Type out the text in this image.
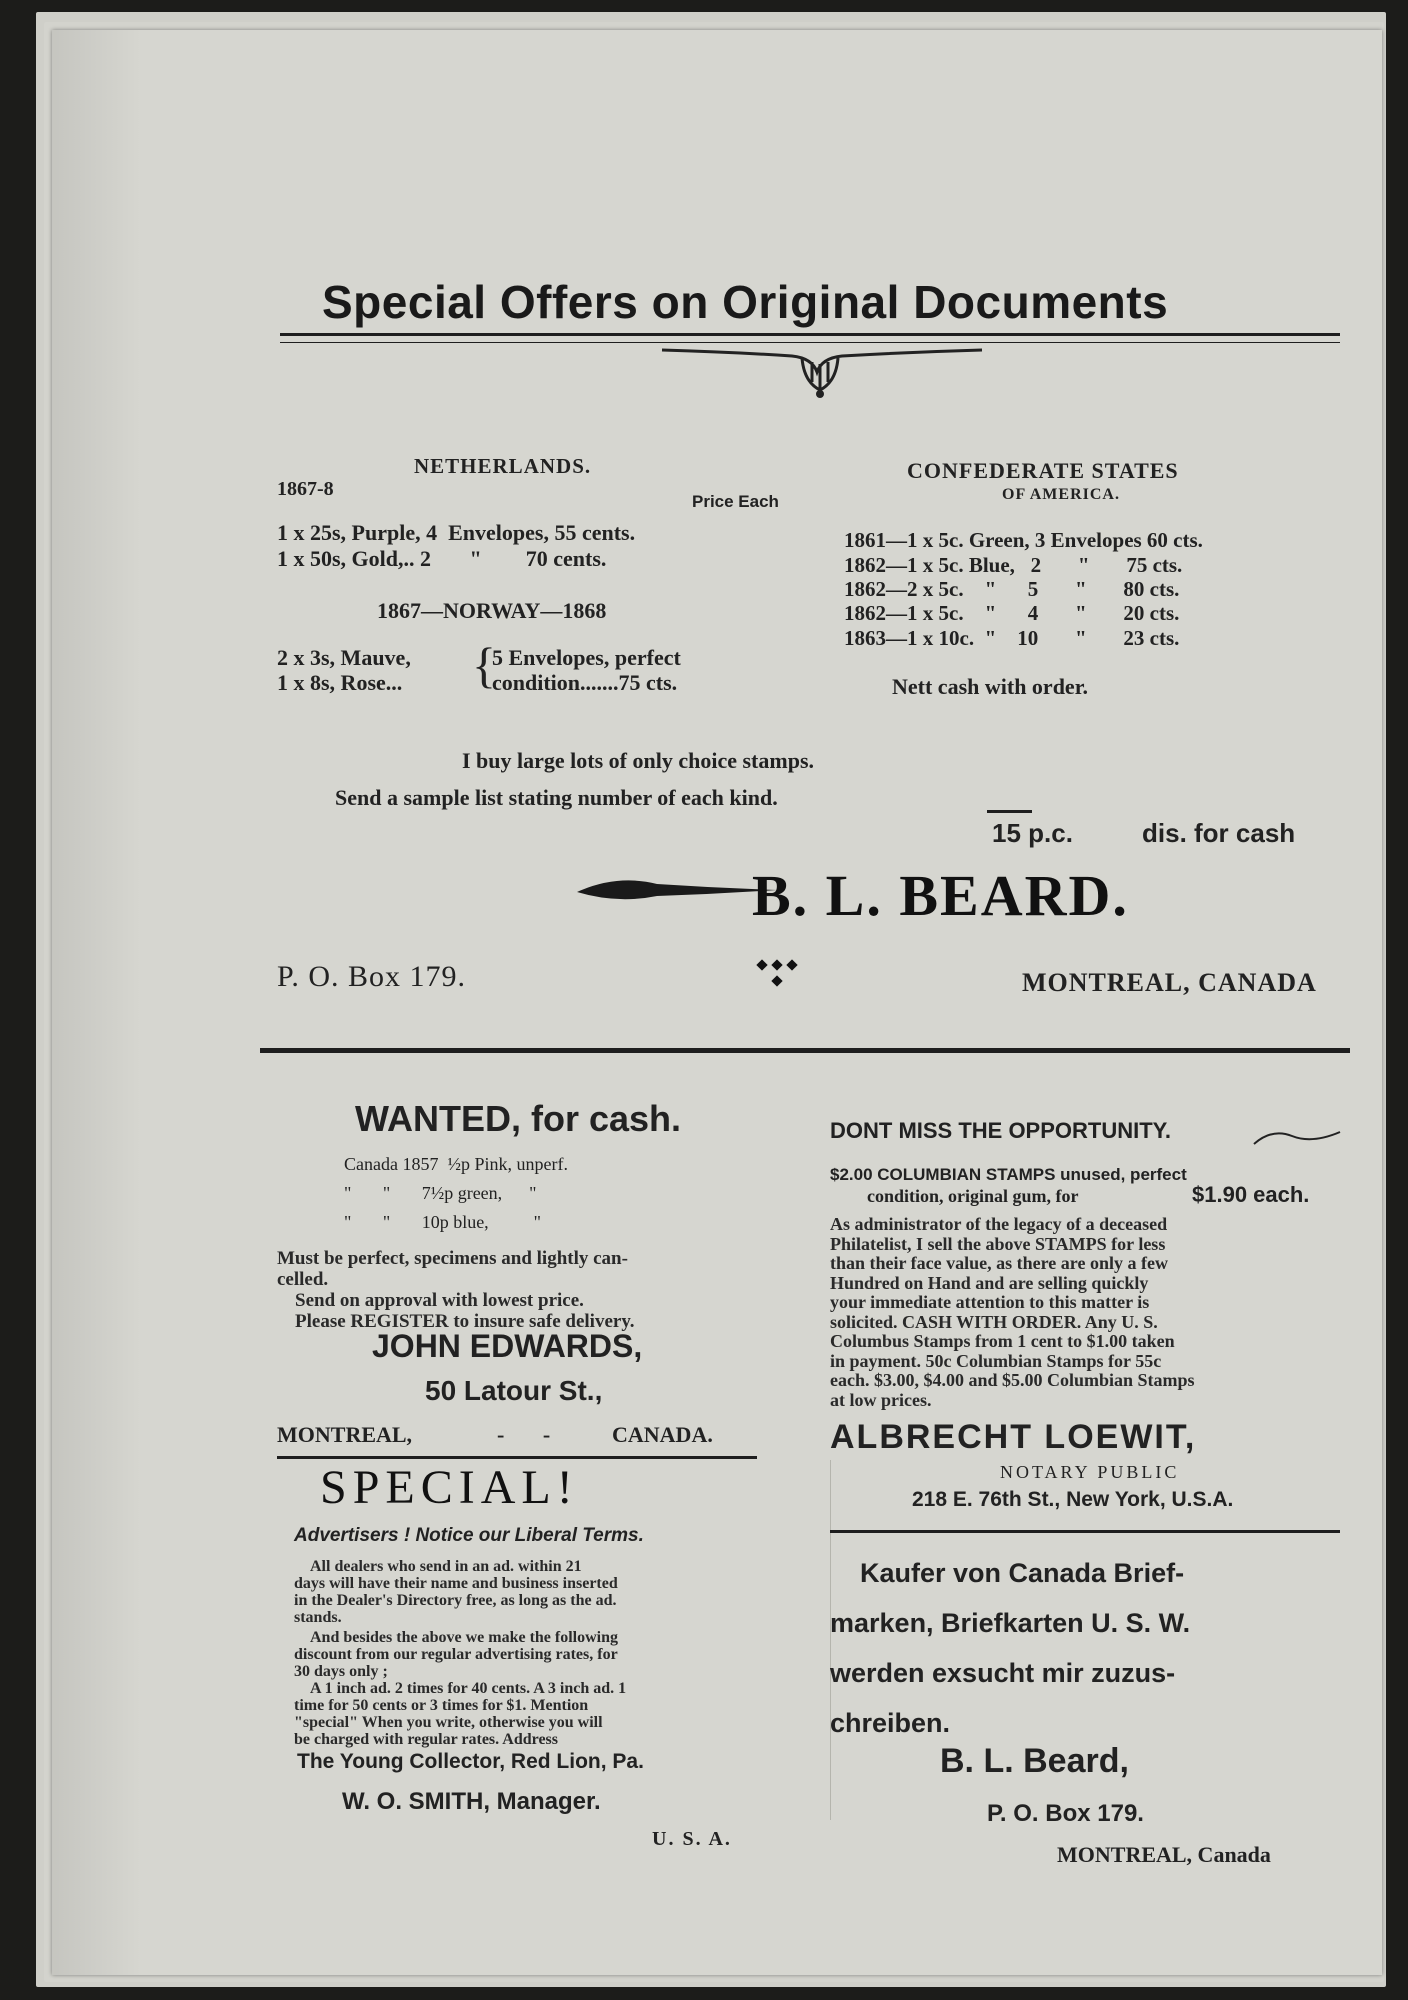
Special Offers on Original Documents
NETHERLANDS.
1867-8
Price Each
1 x 25s, Purple, 4  Envelopes, 55 cents.
1 x 50s, Gold,.. 2       "        70 cents.
1867—NORWAY—1868
2 x 3s, Mauve,
1 x 8s, Rose... {
5 Envelopes, perfect
condition.......75 cts.
CONFEDERATE STATES
OF AMERICA.
1861—1 x 5c. Green, 3 Envelopes 60 cts.
1862—1 x 5c. Blue,   2       "       75 cts.
1862—2 x 5c.    "      5       "       80 cts.
1862—1 x 5c.    "      4       "       20 cts.
1863—1 x 10c.  "    10       "       23 cts.
Nett cash with order.
I buy large lots of only choice stamps.
Send a sample list stating number of each kind.
15 p.c.	dis. for cash
B. L. BEARD.
P. O. Box 179.	MONTREAL, CANADA
WANTED, for cash.
Canada 1857  ½p Pink, unperf.
"       "       7½p green,      "
"       "       10p blue,          "
Must be perfect, specimens and lightly can-
celled.
Send on approval with lowest price.
Please REGISTER to insure safe delivery.
JOHN EDWARDS,
50 Latour St.,
MONTREAL,	-       -	CANADA.
SPECIAL!
Advertisers ! Notice our Liberal Terms.
All dealers who send in an ad. within 21
days will have their name and business inserted
in the Dealer's Directory free, as long as the ad.
stands.
And besides the above we make the following
discount from our regular advertising rates, for
30 days only ;
A 1 inch ad. 2 times for 40 cents. A 3 inch ad. 1
time for 50 cents or 3 times for $1. Mention
"special" When you write, otherwise you will
be charged with regular rates. Address
The Young Collector, Red Lion, Pa.
W. O. SMITH, Manager.
U. S. A.
DONT MISS THE OPPORTUNITY.
$2.00 COLUMBIAN STAMPS unused, perfect
condition, original gum, for	$1.90 each.
As administrator of the legacy of a deceased
Philatelist, I sell the above STAMPS for less
than their face value, as there are only a few
Hundred on Hand and are selling quickly
your immediate attention to this matter is
solicited. CASH WITH ORDER. Any U. S.
Columbus Stamps from 1 cent to $1.00 taken
in payment. 50c Columbian Stamps for 55c
each. $3.00, $4.00 and $5.00 Columbian Stamps
at low prices.
ALBRECHT LOEWIT,
NOTARY PUBLIC
218 E. 76th St., New York, U.S.A.
Kaufer von Canada Brief-
marken, Briefkarten U. S. W.
werden exsucht mir zuzus-
chreiben.
B. L. Beard,
P. O. Box 179.
MONTREAL, Canada
